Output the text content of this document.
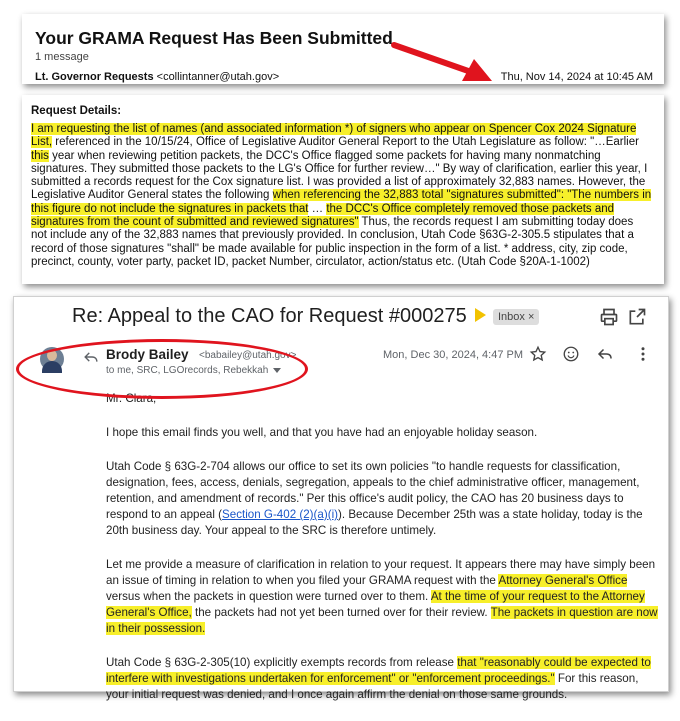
Your GRAMA Request Has Been Submitted
1 message
Lt. Governor Requests <collintanner@utah.gov>	Thu, Nov 14, 2024 at 10:45 AM
Request Details:
I am requesting the list of names (and associated information *) of signers who appear on Spencer Cox 2024 Signature
List, referenced in the 10/15/24, Office of Legislative Auditor General Report to the Utah Legislature as follow: "…Earlier
this year when reviewing petition packets, the DCC's Office flagged some packets for having many nonmatching
signatures. They submitted those packets to the LG's Office for further review…" By way of clarification, earlier this year, I
submitted a records request for the Cox signature list. I was provided a list of approximately 32,883 names. However, the
Legislative Auditor General states the following when referencing the 32,883 total "signatures submitted": "The numbers in
this figure do not include the signatures in packets that … the DCC's Office completely removed those packets and
signatures from the count of submitted and reviewed signatures" Thus, the records request I am submitting today does
not include any of the 32,883 names that previously provided. In conclusion, Utah Code §63G-2-305.5 stipulates that a
record of those signatures "shall" be made available for public inspection in the form of a list. * address, city, zip code,
precinct, county, voter party, packet ID, packet Number, circulator, action/status etc. (Utah Code §20A-1-1002)
Re: Appeal to the CAO for Request #000275	Inbox ×
Brody Bailey <babailey@utah.gov>
to me, SRC, LGOrecords, Rebekkah
Mon, Dec 30, 2024, 4:47 PM

Mr. Clara,

I hope this email finds you well, and that you have had an enjoyable holiday season.

Utah Code § 63G-2-704 allows our office to set its own policies "to handle requests for classification, designation, fees, access, denials, segregation, appeals to the chief administrative officer, management, retention, and amendment of records." Per this office's audit policy, the CAO has 20 business days to respond to an appeal (Section G-402 (2)(a)(i)). Because December 25th was a state holiday, today is the 20th business day. Your appeal to the SRC is therefore untimely.

Let me provide a measure of clarification in relation to your request. It appears there may have simply been an issue of timing in relation to when you filed your GRAMA request with the Attorney General's Office versus when the packets in question were turned over to them. At the time of your request to the Attorney General's Office, the packets had not yet been turned over for their review. The packets in question are now in their possession.

Utah Code § 63G-2-305(10) explicitly exempts records from release that "reasonably could be expected to interfere with investigations undertaken for enforcement" or "enforcement proceedings." For this reason, your initial request was denied, and I once again affirm the denial on those same grounds.
